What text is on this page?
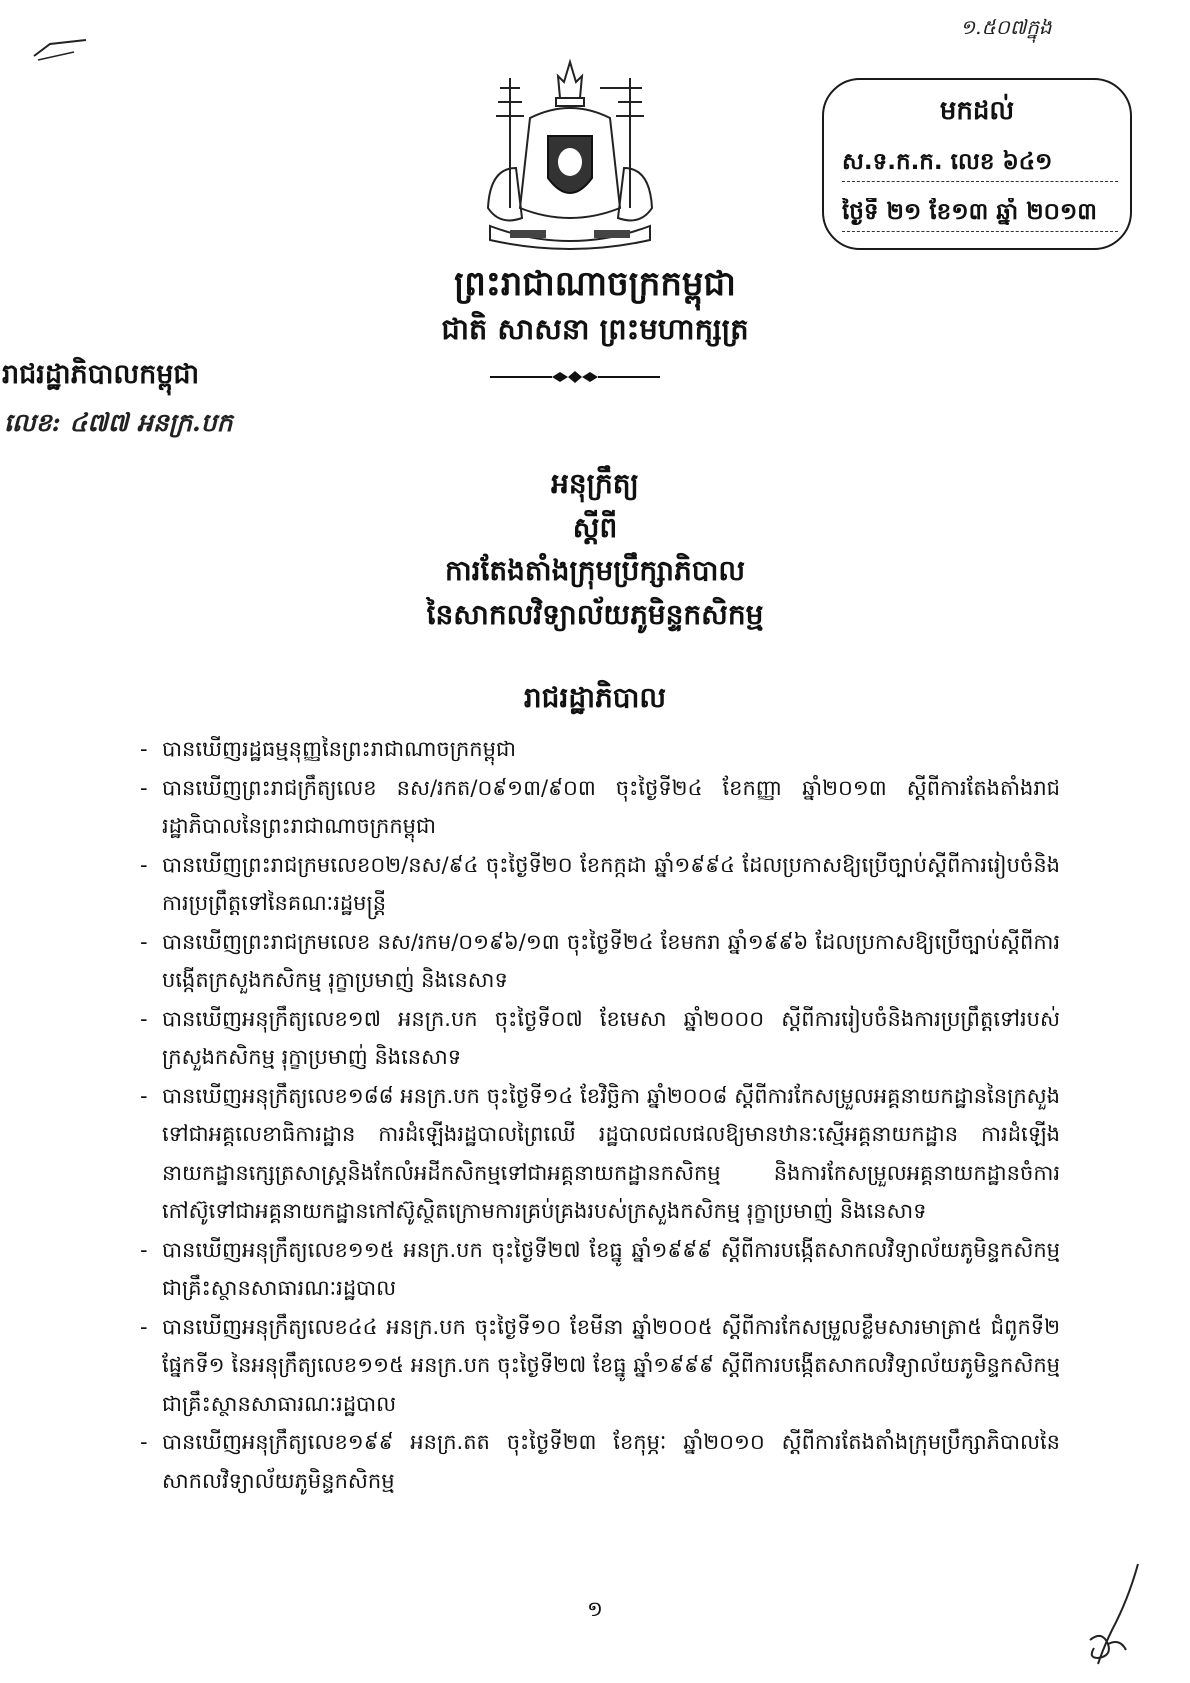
១.៥០៧ក្នុង
មកដល់
ស.ទ.ក.ក. លេខ ៦៤១
ថ្ងៃទី ២១ ខែ១៣ ឆ្នាំ ២០១៣
ព្រះរាជាណាចក្រកម្ពុជា
ជាតិ សាសនា ព្រះមហាក្សត្រ
រាជរដ្ឋាភិបាលកម្ពុជា
លេខ: ៤៧៧ អនក្រ.បក
អនុក្រឹត្យ
ស្តីពី
ការតែងតាំងក្រុមប្រឹក្សាភិបាល
នៃសាកលវិទ្យាល័យភូមិន្ទកសិកម្ម
រាជរដ្ឋាភិបាល
- បានឃើញរដ្ឋធម្មនុញ្ញនៃព្រះរាជាណាចក្រកម្ពុជា
- បានឃើញព្រះរាជក្រឹត្យលេខ នស/រកត/០៩១៣/៩០៣ ចុះថ្ងៃទី២៤ ខែកញ្ញា ឆ្នាំ២០១៣ ស្តីពីការតែងតាំងរាជរដ្ឋាភិបាលនៃព្រះរាជាណាចក្រកម្ពុជា
- បានឃើញព្រះរាជក្រមលេខ០២/នស/៩៤ ចុះថ្ងៃទី២០ ខែកក្កដា ឆ្នាំ១៩៩៤ ដែលប្រកាសឱ្យប្រើច្បាប់ស្តីពីការរៀបចំនិងការប្រព្រឹត្តទៅនៃគណៈរដ្ឋមន្ត្រី
- បានឃើញព្រះរាជក្រមលេខ នស/រកម/០១៩៦/១៣ ចុះថ្ងៃទី២៤ ខែមករា ឆ្នាំ១៩៩៦ ដែលប្រកាសឱ្យប្រើច្បាប់ស្តីពីការបង្កើតក្រសួងកសិកម្ម រុក្ខាប្រមាញ់ និងនេសាទ
- បានឃើញអនុក្រឹត្យលេខ១៧ អនក្រ.បក ចុះថ្ងៃទី០៧ ខែមេសា ឆ្នាំ២០០០ ស្តីពីការរៀបចំនិងការប្រព្រឹត្តទៅរបស់ក្រសួងកសិកម្ម រុក្ខាប្រមាញ់ និងនេសាទ
- បានឃើញអនុក្រឹត្យលេខ១៨៨ អនក្រ.បក ចុះថ្ងៃទី១៤ ខែវិច្ឆិកា ឆ្នាំ២០០៨ ស្តីពីការកែសម្រួលអគ្គនាយកដ្ឋាននៃក្រសួងទៅជាអគ្គលេខាធិការដ្ឋាន ការដំឡើងរដ្ឋបាលព្រៃឈើ រដ្ឋបាលជលផលឱ្យមានឋានៈស្មើអគ្គនាយកដ្ឋាន ការដំឡើងនាយកដ្ឋានក្សេត្រសាស្ត្រនិងកែលំអដីកសិកម្មទៅជាអគ្គនាយកដ្ឋានកសិកម្ម និងការកែសម្រួលអគ្គនាយកដ្ឋានចំការកៅស៊ូទៅជាអគ្គនាយកដ្ឋានកៅស៊ូស្ថិតក្រោមការគ្រប់គ្រងរបស់ក្រសួងកសិកម្ម រុក្ខាប្រមាញ់ និងនេសាទ
- បានឃើញអនុក្រឹត្យលេខ១១៥ អនក្រ.បក ចុះថ្ងៃទី២៧ ខែធ្នូ ឆ្នាំ១៩៩៩ ស្តីពីការបង្កើតសាកលវិទ្យាល័យភូមិន្ទកសិកម្មជាគ្រឹះស្ថានសាធារណៈរដ្ឋបាល
- បានឃើញអនុក្រឹត្យលេខ៤៤ អនក្រ.បក ចុះថ្ងៃទី១០ ខែមីនា ឆ្នាំ២០០៥ ស្តីពីការកែសម្រួលខ្លឹមសារមាត្រា៥ ជំពូកទី២ ផ្នែកទី១ នៃអនុក្រឹត្យលេខ១១៥ អនក្រ.បក ចុះថ្ងៃទី២៧ ខែធ្នូ ឆ្នាំ១៩៩៩ ស្តីពីការបង្កើតសាកលវិទ្យាល័យភូមិន្ទកសិកម្មជាគ្រឹះស្ថានសាធារណៈរដ្ឋបាល
- បានឃើញអនុក្រឹត្យលេខ១៩៩ អនក្រ.តត ចុះថ្ងៃទី២៣ ខែកុម្ភៈ ឆ្នាំ២០១០ ស្តីពីការតែងតាំងក្រុមប្រឹក្សាភិបាលនៃសាកលវិទ្យាល័យភូមិន្ទកសិកម្ម
១
